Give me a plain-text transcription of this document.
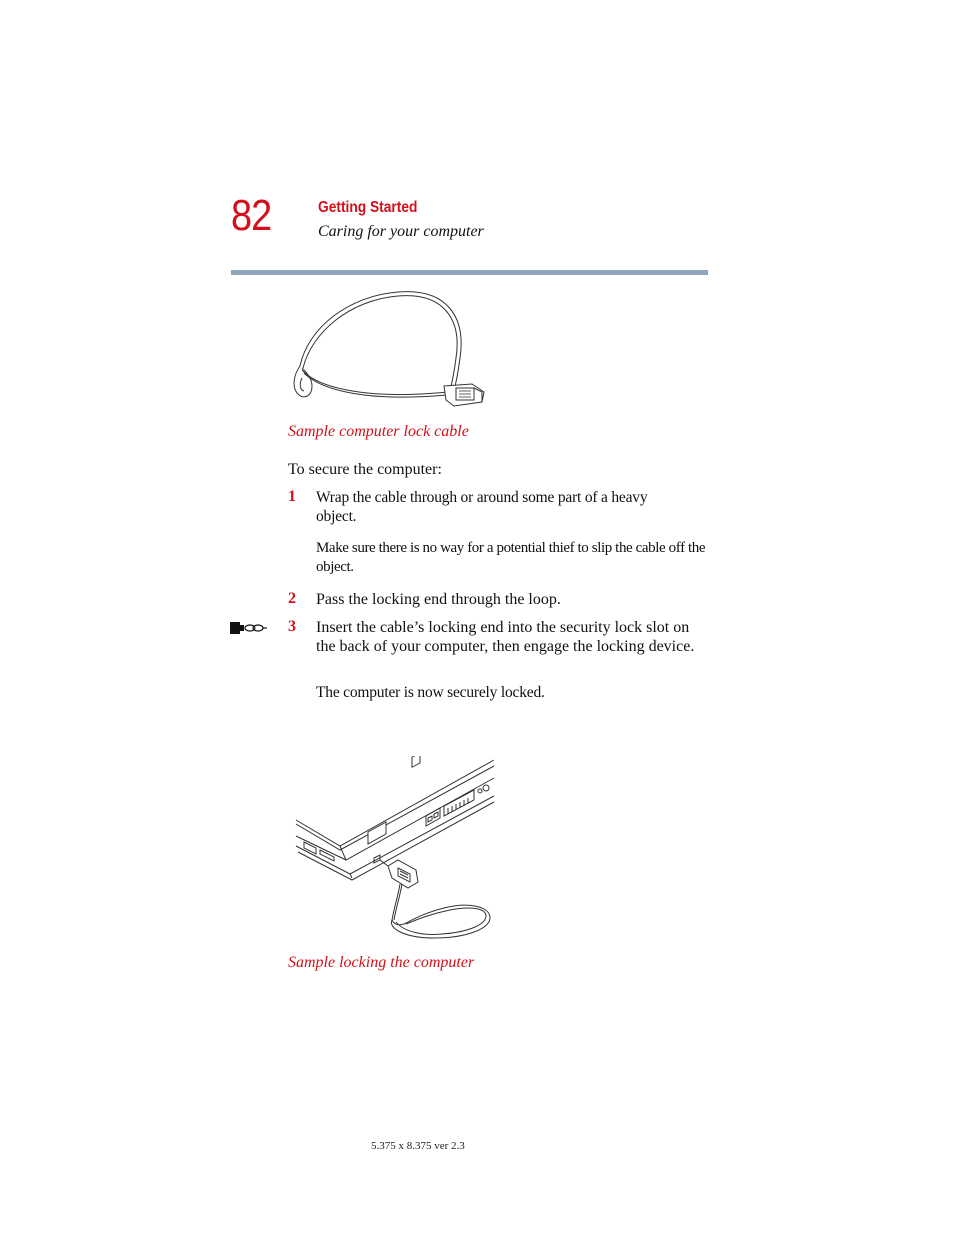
82	Getting Started
Caring for your computer
Sample computer lock cable
To secure the computer:
1 Wrap the cable through or around some part of a heavy object.
Make sure there is no way for a potential thief to slip the cable off the object.
2 Pass the locking end through the loop.
3 Insert the cable’s locking end into the security lock slot on the back of your computer, then engage the locking device.
The computer is now securely locked.
Sample locking the computer
5.375 x 8.375 ver 2.3
